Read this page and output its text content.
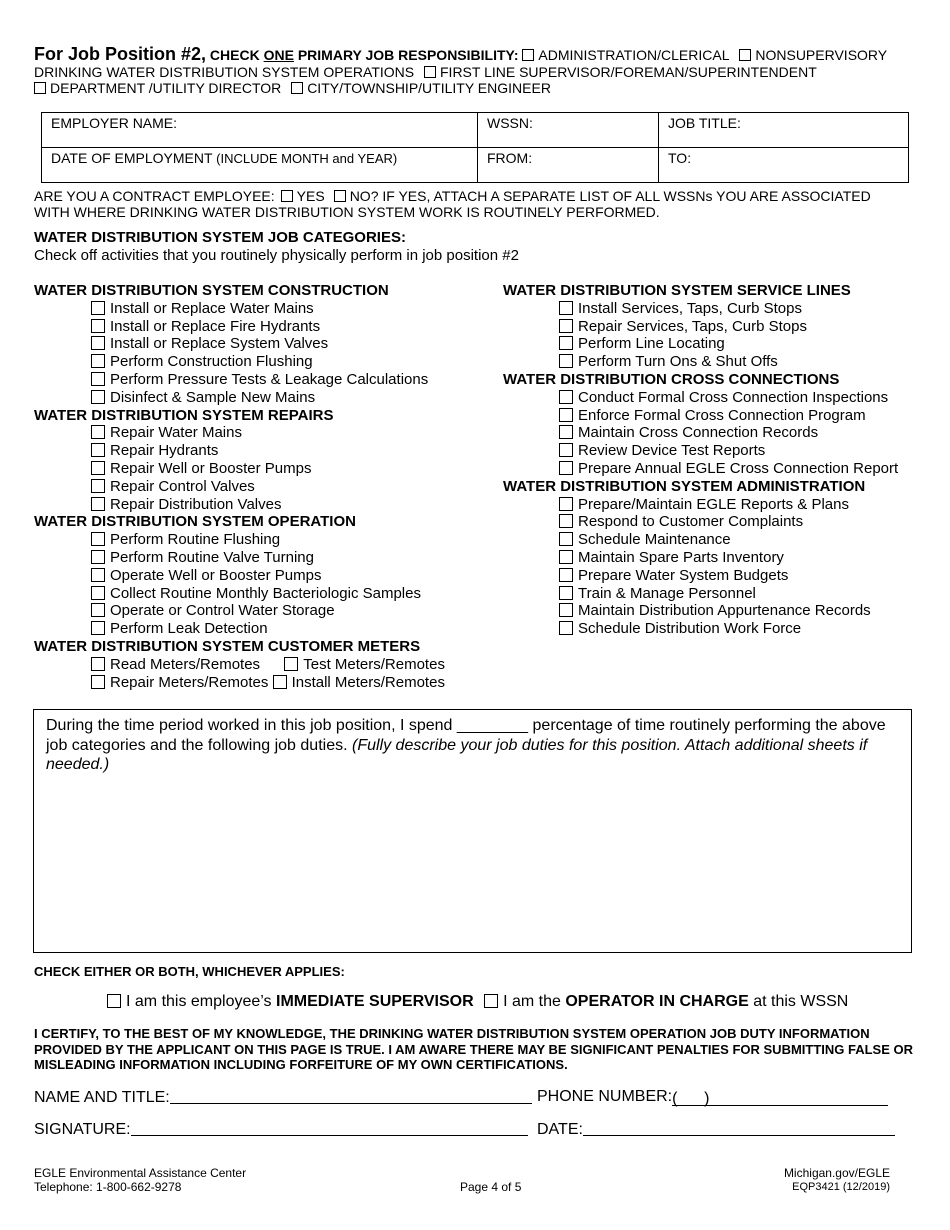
For Job Position #2, CHECK ONE PRIMARY JOB RESPONSIBILITY: ADMINISTRATION/CLERICAL NONSUPERVISORY
DRINKING WATER DISTRIBUTION SYSTEM OPERATIONS FIRST LINE SUPERVISOR/FOREMAN/SUPERINTENDENT
DEPARTMENT /UTILITY DIRECTOR CITY/TOWNSHIP/UTILITY ENGINEER
EMPLOYER NAME:	WSSN:	JOB TITLE:
DATE OF EMPLOYMENT (INCLUDE MONTH and YEAR)	FROM:	TO:
ARE YOU A CONTRACT EMPLOYEE: YES NO? IF YES, ATTACH A SEPARATE LIST OF ALL WSSNs YOU ARE ASSOCIATED
WITH WHERE DRINKING WATER DISTRIBUTION SYSTEM WORK IS ROUTINELY PERFORMED.
WATER DISTRIBUTION SYSTEM JOB CATEGORIES:
Check off activities that you routinely physically perform in job position #2
WATER DISTRIBUTION SYSTEM CONSTRUCTION
Install or Replace Water Mains
Install or Replace Fire Hydrants
Install or Replace System Valves
Perform Construction Flushing
Perform Pressure Tests & Leakage Calculations
Disinfect & Sample New Mains
WATER DISTRIBUTION SYSTEM REPAIRS
Repair Water Mains
Repair Hydrants
Repair Well or Booster Pumps
Repair Control Valves
Repair Distribution Valves
WATER DISTRIBUTION SYSTEM OPERATION
Perform Routine Flushing
Perform Routine Valve Turning
Operate Well or Booster Pumps
Collect Routine Monthly Bacteriologic Samples
Operate or Control Water Storage
Perform Leak Detection
WATER DISTRIBUTION SYSTEM CUSTOMER METERS
Read Meters/Remotes	Test Meters/Remotes
Repair Meters/Remotes Install Meters/Remotes
WATER DISTRIBUTION SYSTEM SERVICE LINES
Install Services, Taps, Curb Stops
Repair Services, Taps, Curb Stops
Perform Line Locating
Perform Turn Ons & Shut Offs
WATER DISTRIBUTION CROSS CONNECTIONS
Conduct Formal Cross Connection Inspections
Enforce Formal Cross Connection Program
Maintain Cross Connection Records
Review Device Test Reports
Prepare Annual EGLE Cross Connection Report
WATER DISTRIBUTION SYSTEM ADMINISTRATION
Prepare/Maintain EGLE Reports & Plans
Respond to Customer Complaints
Schedule Maintenance
Maintain Spare Parts Inventory
Prepare Water System Budgets
Train & Manage Personnel
Maintain Distribution Appurtenance Records
Schedule Distribution Work Force
During the time period worked in this job position, I spend ________ percentage of time routinely performing the above job categories and the following job duties. (Fully describe your job duties for this position. Attach additional sheets if needed.)
CHECK EITHER OR BOTH, WHICHEVER APPLIES:
I am this employee’s IMMEDIATE SUPERVISOR I am the OPERATOR IN CHARGE at this WSSN
I CERTIFY, TO THE BEST OF MY KNOWLEDGE, THE DRINKING WATER DISTRIBUTION SYSTEM OPERATION JOB DUTY INFORMATION PROVIDED BY THE APPLICANT ON THIS PAGE IS TRUE. I AM AWARE THERE MAY BE SIGNIFICANT PENALTIES FOR SUBMITTING FALSE OR MISLEADING INFORMATION INCLUDING FORFEITURE OF MY OWN CERTIFICATIONS.
NAME AND TITLE:	PHONE NUMBER:(      )
SIGNATURE:	DATE:
EGLE Environmental Assistance Center
Telephone: 1-800-662-9278	Page 4 of 5
Michigan.gov/EGLE
EQP3421 (12/2019)
